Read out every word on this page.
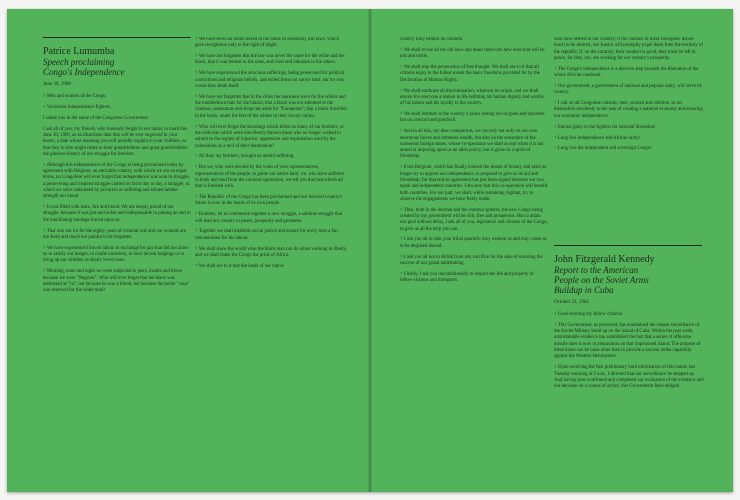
Patrice Lumumba
Speech proclaiming
Congo's Independence
June 30, 1960

> Men and women of the Congo,

> Victorious independence fighters,

I salute you in the name of the Congolese Government.

I ask all of you, my friends, who tirelessly fought in our ranks, to mark this June 30, 1960, as an illustrious date that will be ever engraved in your hearts, a date whose meaning you will proudly explain to your children, so that they in turn might relate to their grandchildren and great-grandchildren the glorious history of our struggle for freedom.

> Although this independence of the Congo is being proclaimed today by agreement with Belgium, an amicable country, with which we are on equal terms, no Congolese will ever forget that independence was won in struggle, a persevering and inspired struggle carried on from day to day, a struggle, in which we were undaunted by privation or suffering and stinted neither strength nor blood.

> It was filled with tears, fire and blood. We are deeply proud of our struggle, because it was just and noble and indispensable in putting an end to the humiliating bondage forced upon us.

> That was our lot for the eighty years of colonial rule and our wounds are too fresh and much too painful to be forgotten.

> We have experienced forced labour in exchange for pay that did not allow us to satisfy our hunger, to clothe ourselves, to have decent lodgings or to bring up our children as dearly loved ones.

> Morning, noon and night we were subjected to jeers, insults and blows because we were "Negroes". Who will ever forget that the black was addressed as "tu", not because he was a friend, but because the polite "vous" was reserved for the white man?

> We have seen our lands seized in the name of ostensibly just laws, which gave recognition only to the right of might.

> We have not forgotten that the law was never the same for the white and the black, that it was lenient to the ones, and cruel and inhuman to the others.

> We have experienced the atrocious sufferings, being persecuted for political convictions and religious beliefs, and exiled from our native land: our lot was worse than death itself.

> We have not forgotten that in the cities the mansions were for the whites and the tumbledown huts for the blacks; that a black was not admitted to the cinemas, restaurants and shops set aside for "Europeans"; that a black travelled in the holds, under the feet of the whites in their luxury cabins.

> Who will ever forget the shootings which killed so many of our brothers, or the cells into which were mercilessly thrown those who no longer wished to submit to the regime of injustice, oppression and exploitation used by the colonialists as a tool of their domination?

> All that, my brothers, brought us untold suffering.

> But we, who were elected by the votes of your representatives, representatives of the people, to guide our native land, we, who have suffered in body and soul from the colonial oppression, we tell you that henceforth all that is finished with.

> The Republic of the Congo has been proclaimed and our beloved country's future is now in the hands of its own people.

> Brothers, let us commence together a new struggle, a sublime struggle that will lead our country to peace, prosperity and greatness.

> Together we shall establish social justice and ensure for every man a fair remuneration for his labour.

> We shall show the world what the black man can do when working in liberty, and we shall make the Congo the pride of Africa.

> We shall see to it that the lands of our native

country truly benefit its children.

> We shall revise all the old laws and make them into new ones that will be just and noble.

> We shall stop the persecution of free thought. We shall see to it that all citizens enjoy to the fullest extent the basic freedoms provided for by the Declaration of Human Rights.

> We shall eradicate all discrimination, whatever its origin, and we shall ensure for everyone a station in life befitting his human dignity and worthy of his labour and his loyalty to the country.

> We shall institute in the country a peace resting not on guns and bayonets but on concord and goodwill.

> And in all this, my dear compatriots, we can rely not only on our own enormous forces and immense wealth, but also on the assistance of the numerous foreign states, whose co-operation we shall accept when it is not aimed at imposing upon us an alien policy, but is given in a spirit of friendship.

> Even Belgium, which has finally learned the lesson of history and need no longer try to oppose our independence, is prepared to give us its aid and friendship; for that end an agreement has just been signed between our two equal and independent countries. I am sure that this co-operation will benefit both countries. For our part, we shall, while remaining vigilant, try to observe the engagements we have freely made.

> Thus, both in the internal and the external spheres, the new Congo being created by my government will be rich, free and prosperous. But to attain our goal without delay, I ask all of you, legislators and citizens of the Congo, to give us all the help you can.

> I ask you all to sink your tribal quarrels: they weaken us and may cause us to be despised abroad.

> I ask you all not to shrink from any sacrifice for the sake of ensuring the success of our grand undertaking.

> Finally, I ask you unconditionally to respect the life and property of fellow-citizens and foreigners

who have settled in our country; if the conduct of these foreigners leaves much to be desired, our Justice will promptly expel them from the territory of the republic; if, on the contrary, their conduct is good, they must be left in peace, for they, too, are working for our country's prosperity.

> The Congo's independence is a decisive step towards the liberation of the whole African continent.

> Our government, a government of national and popular unity, will serve its country.

> I call on all Congolese citizens, men, women and children, to set themselves resolutely to the task of creating a national economy and ensuring our economic independence.

> Eternal glory to the fighters for national liberation!

> Long live independence and African unity!

> Long live the independent and sovereign Congo!

John Fitzgerald Kennedy
Report to the American
People on the Soviet Arms
Buildup in Cuba
October 22, 1962

> Good evening my fellow citizens:

> This Government, as promised, has maintained the closest surveillance of the Soviet Military build up on the island of Cuba. Within the past week, unmistakable evidence has established the fact that a series of offensive missile sites is now in preparation on that imprisoned island. The purpose of these bases can be none other than to provide a nuclear strike capability against the Western Hemisphere.

> Upon receiving the first preliminary hard information of this nature last Tuesday morning at 9 a.m., I directed that our surveillance be stepped up. And having now confirmed and completed our evaluation of the evidence and our decision on a course of action, this Government feels obliged
